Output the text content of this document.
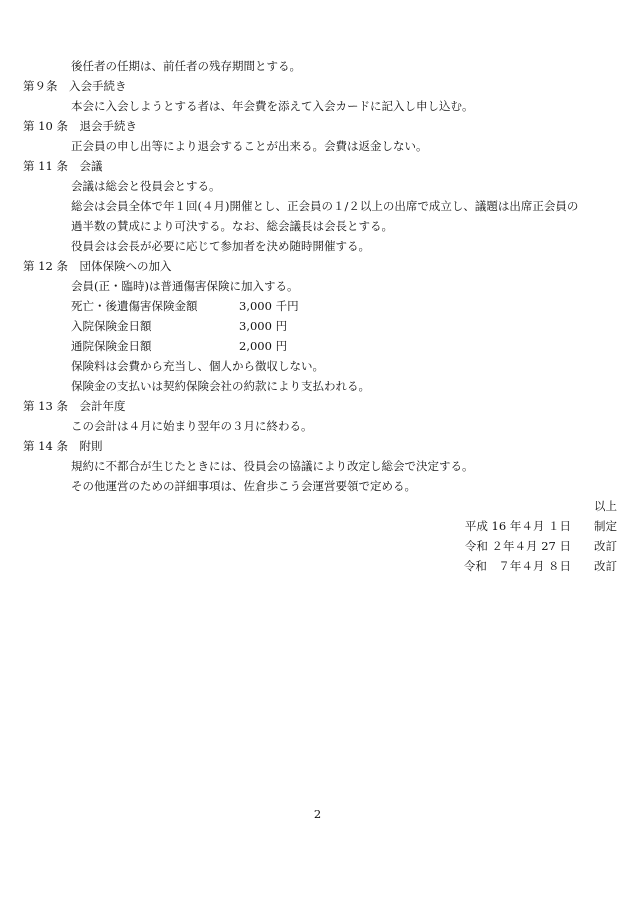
後任者の任期は、前任者の残存期間とする。
第９条　入会手続き
本会に入会しようとする者は、年会費を添えて入会カードに記入し申し込む。
第 10 条　退会手続き
正会員の申し出等により退会することが出来る。会費は返金しない。
第 11 条　会議
会議は総会と役員会とする。
総会は会員全体で年１回(４月)開催とし、正会員の１/２以上の出席で成立し、議題は出席正会員の
過半数の賛成により可決する。なお、総会議長は会長とする。
役員会は会長が必要に応じて参加者を決め随時開催する。
第 12 条　団体保険への加入
会員(正・臨時)は普通傷害保険に加入する。
死亡・後遺傷害保険金額	3,000 千円
入院保険金日額	3,000 円
通院保険金日額	2,000 円
保険料は会費から充当し、個人から徴収しない。
保険金の支払いは契約保険会社の約款により支払われる。
第 13 条　会計年度
この会計は４月に始まり翌年の３月に終わる。
第 14 条　附則
規約に不都合が生じたときには、役員会の協議により改定し総会で決定する。
その他運営のための詳細事項は、佐倉歩こう会運営要領で定める。
以上
平成 16 年４月 １日 制定
令和 ２年４月 27 日 改訂
令和　７年４月 ８日 改訂
2
